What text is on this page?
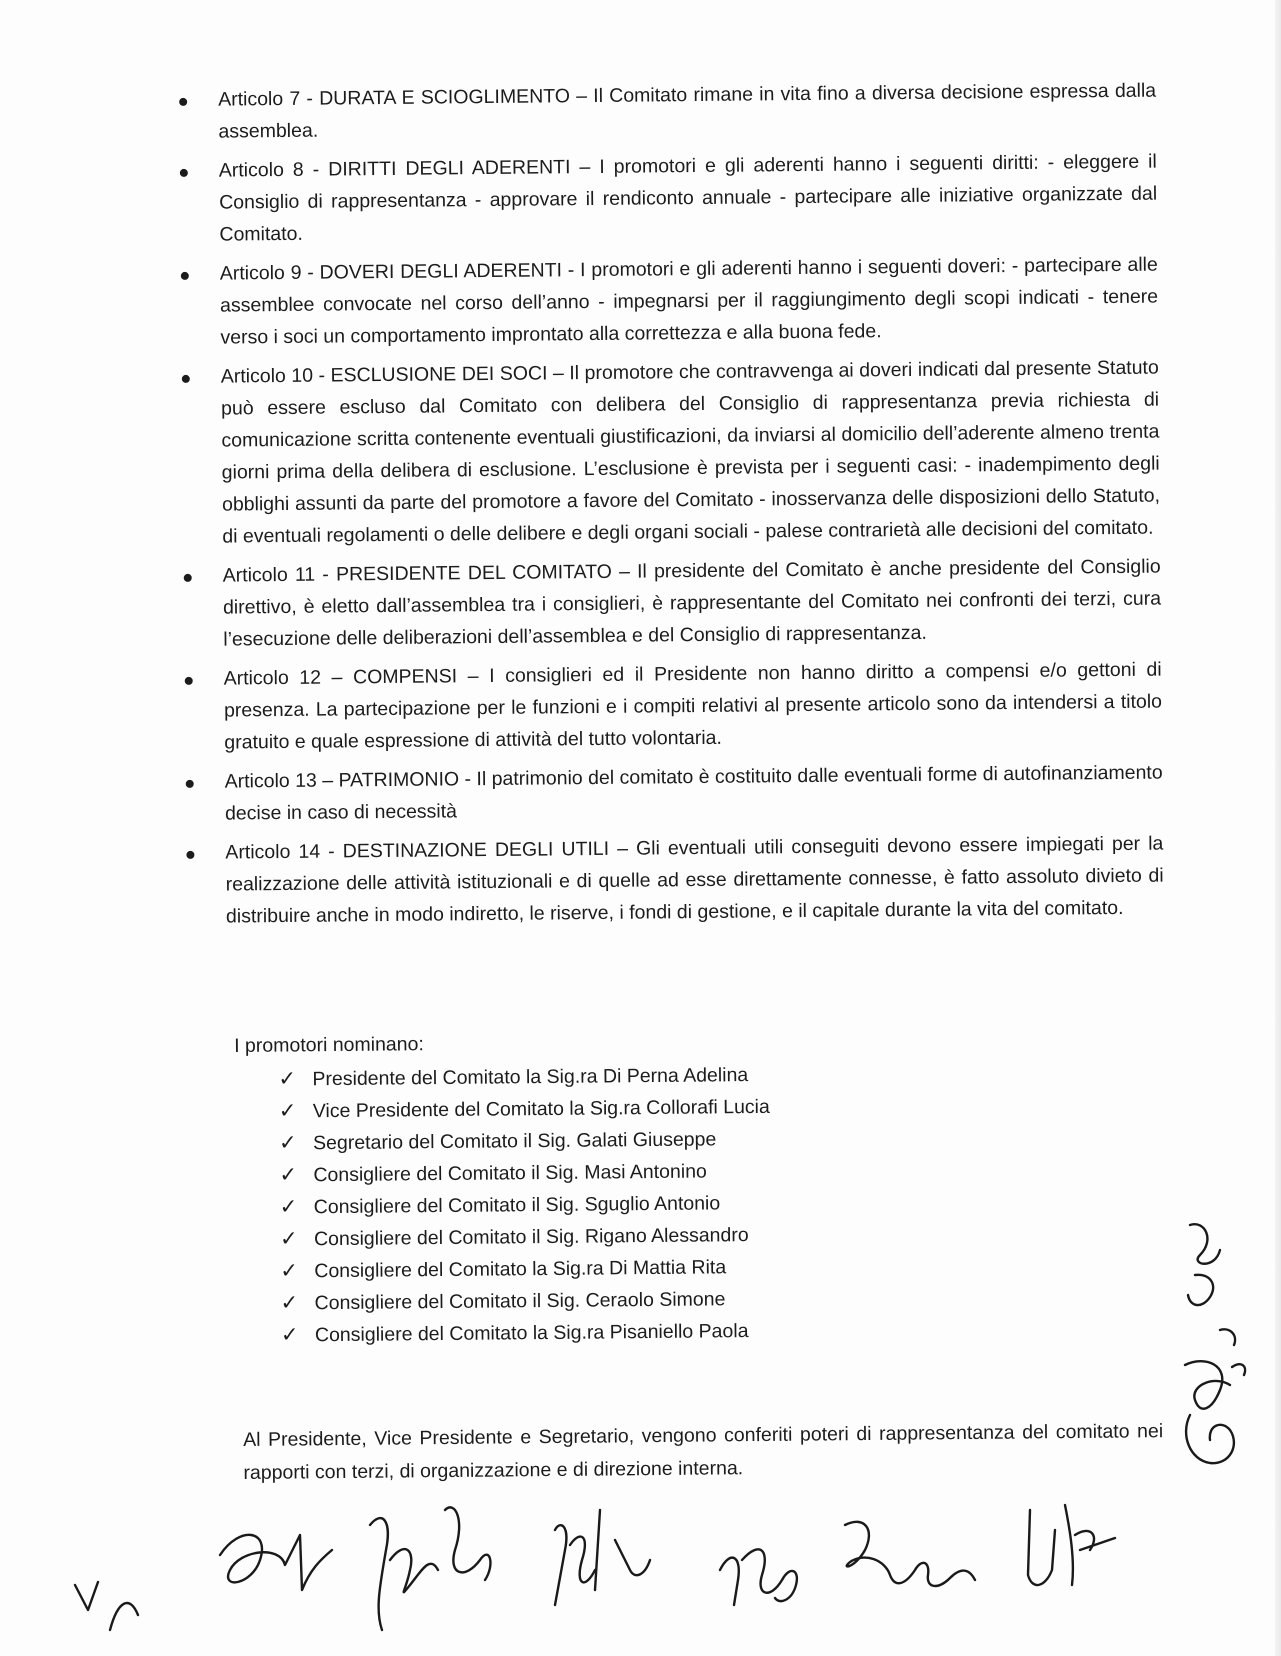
Articolo 7 - DURATA E SCIOGLIMENTO – Il Comitato rimane in vita fino a diversa decisione espressa dalla assemblea.
Articolo 8 - DIRITTI DEGLI ADERENTI – I promotori e gli aderenti hanno i seguenti diritti: - eleggere il Consiglio di rappresentanza - approvare il rendiconto annuale - partecipare alle iniziative organizzate dal Comitato.
Articolo 9 - DOVERI DEGLI ADERENTI - I promotori e gli aderenti hanno i seguenti doveri: - partecipare alle assemblee convocate nel corso dell’anno - impegnarsi per il raggiungimento degli scopi indicati - tenere verso i soci un comportamento improntato alla correttezza e alla buona fede.
Articolo 10 - ESCLUSIONE DEI SOCI – Il promotore che contravvenga ai doveri indicati dal presente Statuto può essere escluso dal Comitato con delibera del Consiglio di rappresentanza previa richiesta di comunicazione scritta contenente eventuali giustificazioni, da inviarsi al domicilio dell’aderente almeno trenta giorni prima della delibera di esclusione. L’esclusione è prevista per i seguenti casi: - inadempimento degli obblighi assunti da parte del promotore a favore del Comitato - inosservanza delle disposizioni dello Statuto, di eventuali regolamenti o delle delibere e degli organi sociali - palese contrarietà alle decisioni del comitato.
Articolo 11 - PRESIDENTE DEL COMITATO – Il presidente del Comitato è anche presidente del Consiglio direttivo, è eletto dall’assemblea tra i consiglieri, è rappresentante del Comitato nei confronti dei terzi, cura l’esecuzione delle deliberazioni dell’assemblea e del Consiglio di rappresentanza.
Articolo 12 – COMPENSI – I consiglieri ed il Presidente non hanno diritto a compensi e/o gettoni di presenza. La partecipazione per le funzioni e i compiti relativi al presente articolo sono da intendersi a titolo gratuito e quale espressione di attività del tutto volontaria.
Articolo 13 – PATRIMONIO - Il patrimonio del comitato è costituito dalle eventuali forme di autofinanziamento decise in caso di necessità
Articolo 14 - DESTINAZIONE DEGLI UTILI – Gli eventuali utili conseguiti devono essere impiegati per la realizzazione delle attività istituzionali e di quelle ad esse direttamente connesse, è fatto assoluto divieto di distribuire anche in modo indiretto, le riserve, i fondi di gestione, e il capitale durante la vita del comitato.

I promotori nominano:

✓ Presidente del Comitato la Sig.ra Di Perna Adelina
✓ Vice Presidente del Comitato la Sig.ra Collorafi Lucia
✓ Segretario del Comitato il Sig. Galati Giuseppe
✓ Consigliere del Comitato il Sig. Masi Antonino
✓ Consigliere del Comitato il Sig. Sguglio Antonio
✓ Consigliere del Comitato il Sig. Rigano Alessandro
✓ Consigliere del Comitato la Sig.ra Di Mattia Rita
✓ Consigliere del Comitato il Sig. Ceraolo Simone
✓ Consigliere del Comitato la Sig.ra Pisaniello Paola

Al Presidente, Vice Presidente e Segretario, vengono conferiti poteri di rappresentanza del comitato nei rapporti con terzi, di organizzazione e di direzione interna.
